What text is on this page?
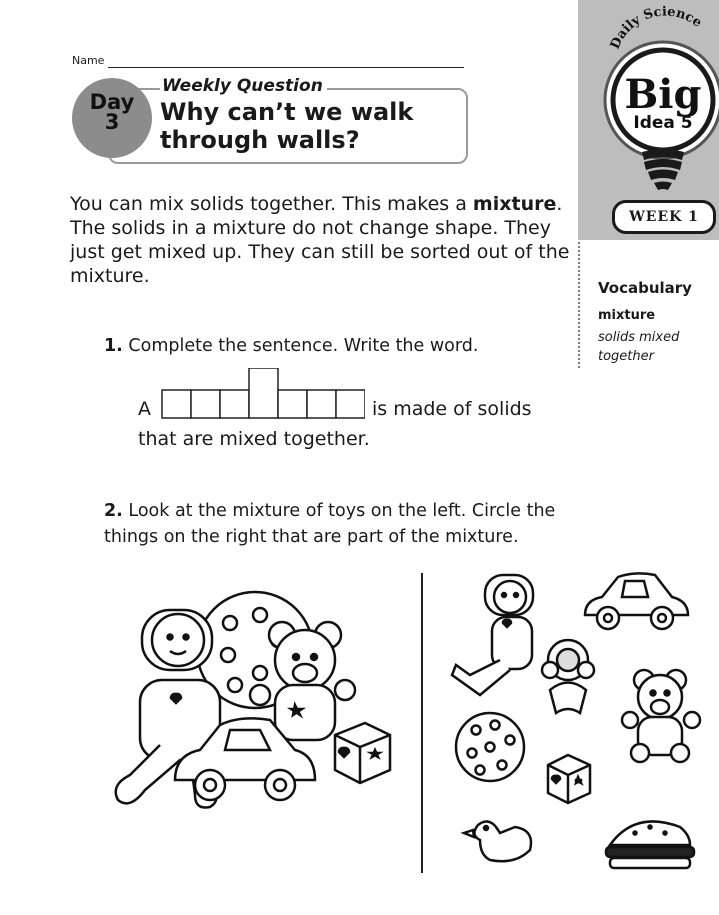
Daily Science
Big
Idea 5
WEEK 1
Vocabulary
mixture
solids mixed together
Name
Weekly Question
Why can’t we walk through walls?
Day
3
You can mix solids together. This makes a mixture. The solids in a mixture do not change shape. They just get mixed up. They can still be sorted out of the mixture.
1. Complete the sentence. Write the word.
A	is made of solids
that are mixed together.
2. Look at the mixture of toys on the left. Circle the things on the right that are part of the mixture.
